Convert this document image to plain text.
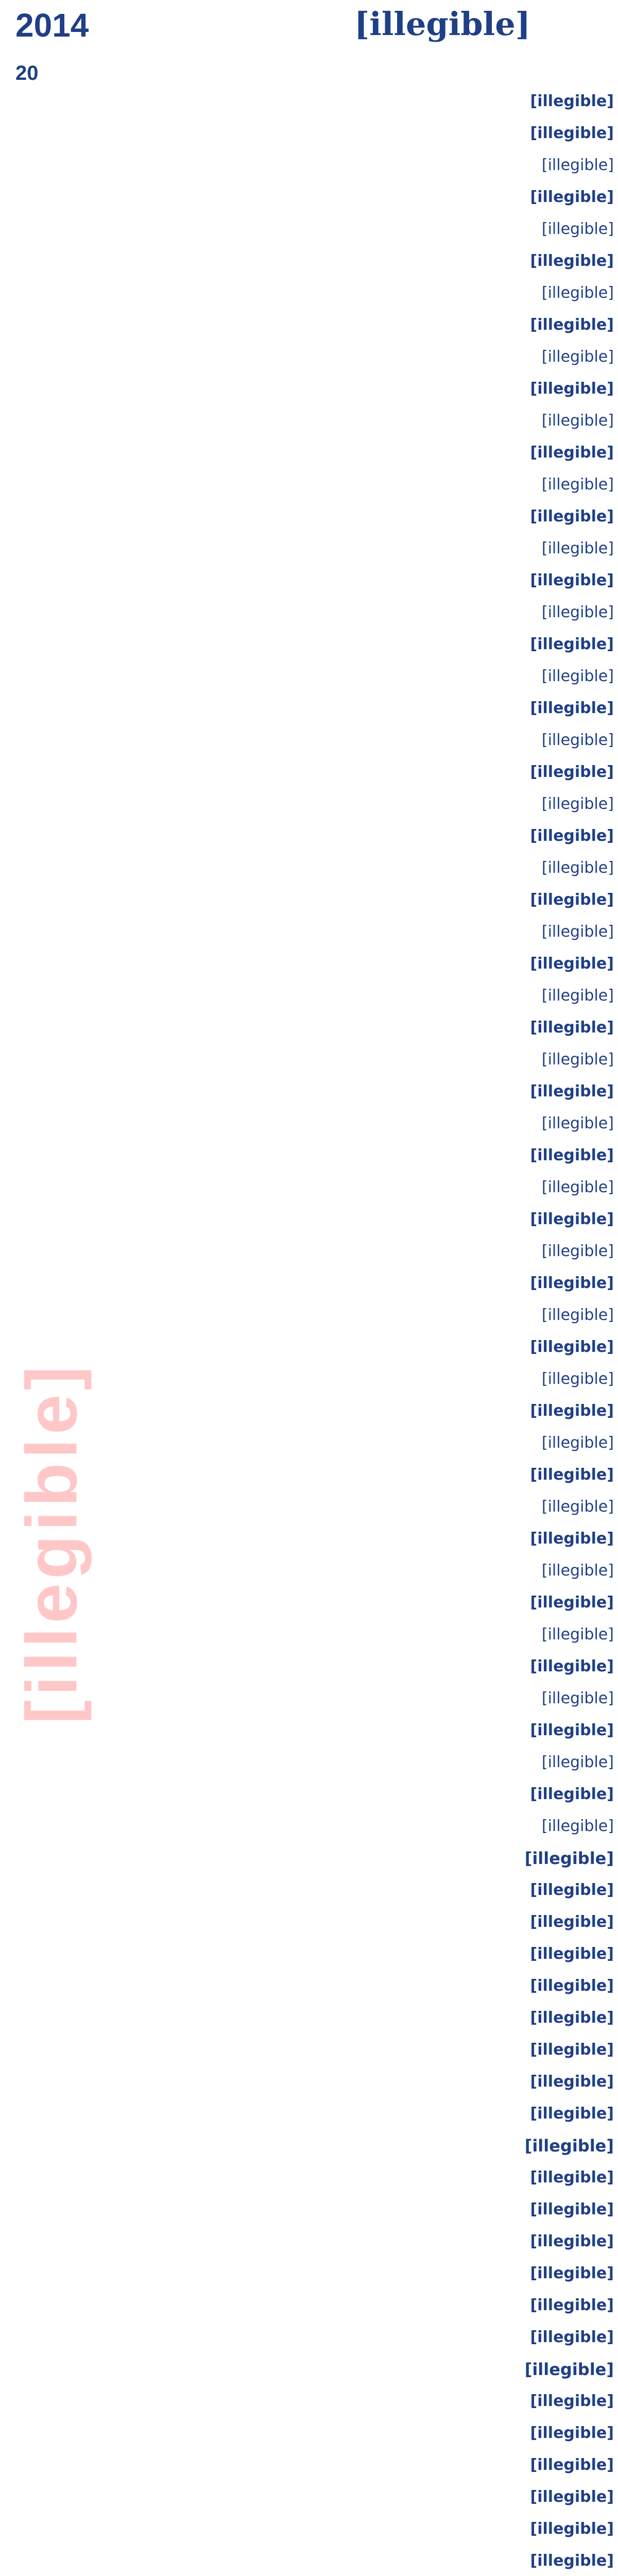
2014	[illegible]
20
[illegible]
[illegible]
[illegible]
[illegible]
[illegible]
[illegible]
[illegible]
[illegible]
[illegible]
[illegible]
[illegible]
[illegible]
[illegible]
[illegible]
[illegible]
[illegible]
[illegible]
[illegible]
[illegible]
[illegible]
[illegible]
[illegible]
[illegible]
[illegible]
[illegible]
[illegible]
[illegible]
[illegible]
[illegible]
[illegible]
[illegible]
[illegible]
[illegible]
[illegible]
[illegible]
[illegible]
[illegible]
[illegible]
[illegible]
[illegible]
[illegible]
[illegible]
[illegible]
[illegible]
[illegible]
[illegible]
[illegible]
[illegible]
[illegible]
[illegible]
[illegible]
[illegible]
[illegible]
[illegible]
[illegible]
[illegible]
[illegible]
[illegible]
[illegible]
[illegible]
[illegible]
[illegible]
[illegible]
[illegible]
[illegible]
[illegible]
[illegible]
[illegible]
[illegible]
[illegible]
[illegible]
[illegible]
[illegible]
[illegible]
[illegible]
[illegible]
[illegible]
[illegible]
[illegible]
